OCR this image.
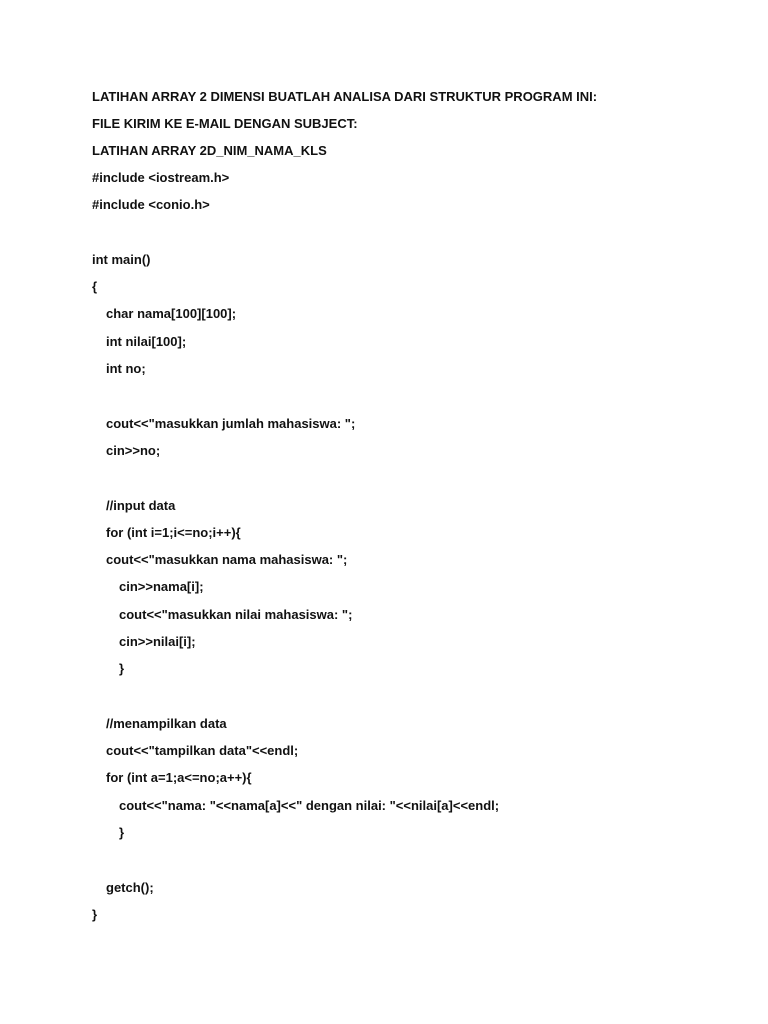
LATIHAN ARRAY 2 DIMENSI BUATLAH ANALISA DARI STRUKTUR PROGRAM INI:
FILE KIRIM KE E-MAIL DENGAN SUBJECT:
LATIHAN ARRAY 2D_NIM_NAMA_KLS
#include <iostream.h>
#include <conio.h>
int main()
{
char nama[100][100];
int nilai[100];
int no;
cout<<"masukkan jumlah mahasiswa: ";
cin>>no;
//input data
for (int i=1;i<=no;i++){
cout<<"masukkan nama mahasiswa: ";
cin>>nama[i];
cout<<"masukkan nilai mahasiswa: ";
cin>>nilai[i];
}
//menampilkan data
cout<<"tampilkan data"<<endl;
for (int a=1;a<=no;a++){
cout<<"nama: "<<nama[a]<<" dengan nilai: "<<nilai[a]<<endl;
}
getch();
}
